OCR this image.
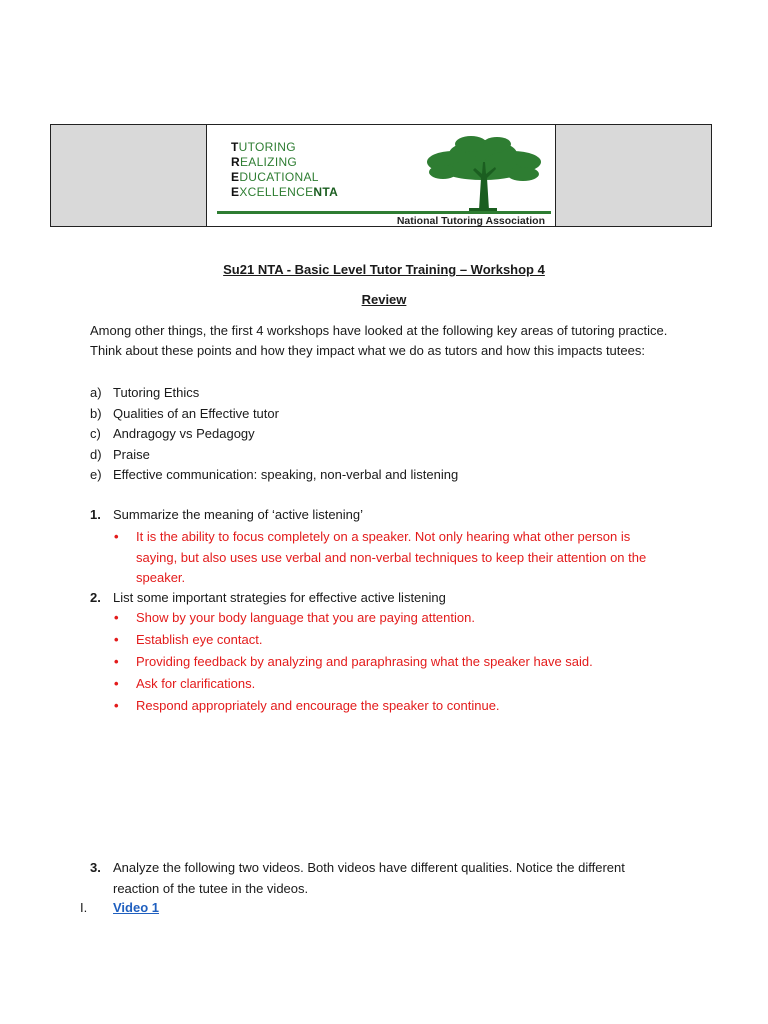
TUTORING
REALIZING
EDUCATIONAL
EXCELLENCENTA
National Tutoring Association
Su21 NTA - Basic Level Tutor Training – Workshop 4
Review
Among other things, the first 4 workshops have looked at the following key areas of tutoring practice. Think about these points and how they impact what we do as tutors and how this impacts tutees:
a) Tutoring Ethics
b) Qualities of an Effective tutor
c) Andragogy vs Pedagogy
d) Praise
e) Effective communication: speaking, non-verbal and listening
1. Summarize the meaning of ‘active listening’
• It is the ability to focus completely on a speaker. Not only hearing what other person is saying, but also uses use verbal and non-verbal techniques to keep their attention on the speaker.
2. List some important strategies for effective active listening
• Show by your body language that you are paying attention.
• Establish eye contact.
• Providing feedback by analyzing and paraphrasing what the speaker have said.
• Ask for clarifications.
• Respond appropriately and encourage the speaker to continue.
3. Analyze the following two videos. Both videos have different qualities. Notice the different reaction of the tutee in the videos.
I. Video 1
